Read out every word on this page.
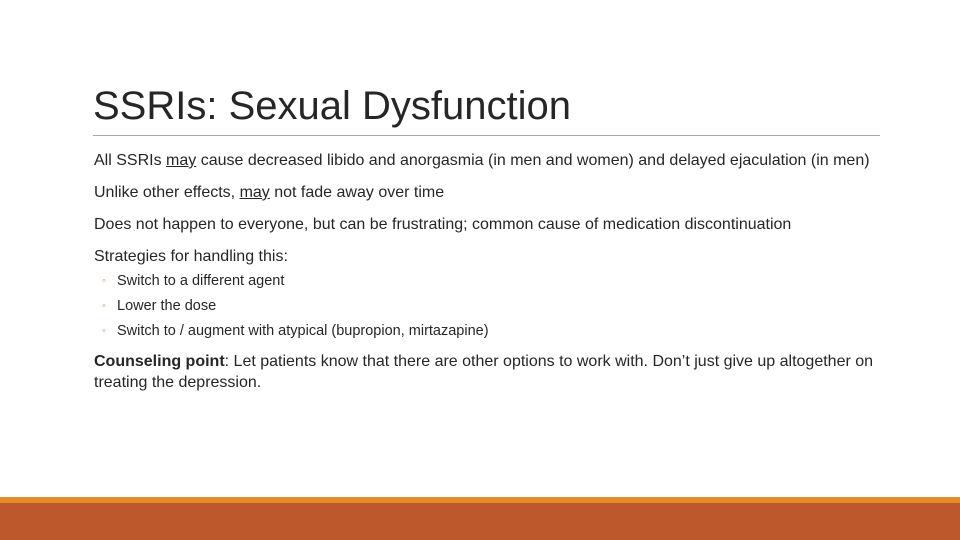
SSRIs: Sexual Dysfunction

All SSRIs may cause decreased libido and anorgasmia (in men and women) and delayed ejaculation (in men)

Unlike other effects, may not fade away over time

Does not happen to everyone, but can be frustrating; common cause of medication discontinuation

Strategies for handling this:

◦ Switch to a different agent
◦ Lower the dose
◦ Switch to / augment with atypical (bupropion, mirtazapine)

Counseling point: Let patients know that there are other options to work with. Don’t just give up altogether on treating the depression.
